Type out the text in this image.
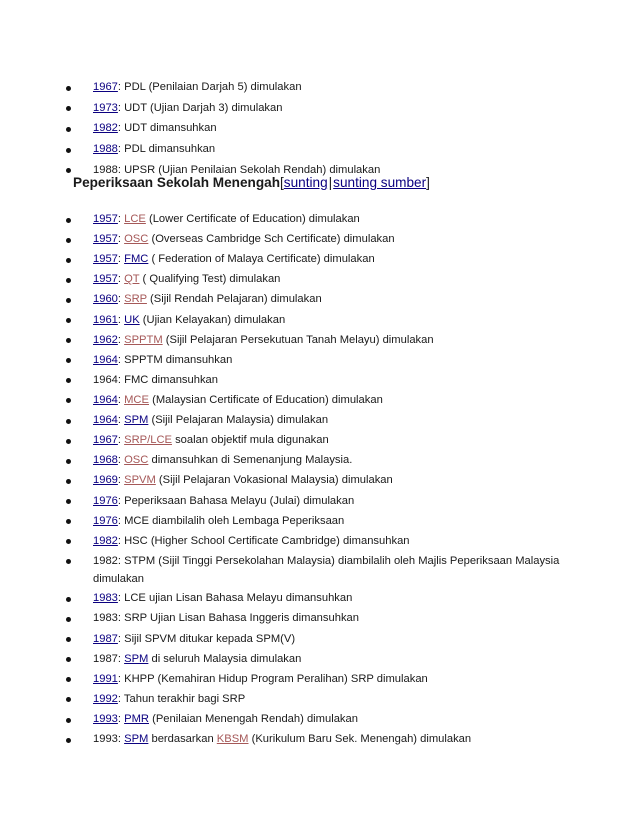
1967: PDL (Penilaian Darjah 5) dimulakan
1973: UDT (Ujian Darjah 3) dimulakan
1982: UDT dimansuhkan
1988: PDL dimansuhkan
1988: UPSR (Ujian Penilaian Sekolah Rendah) dimulakan
Peperiksaan Sekolah Menengah[sunting|sunting sumber]
1957: LCE (Lower Certificate of Education) dimulakan
1957: OSC (Overseas Cambridge Sch Certificate) dimulakan
1957: FMC ( Federation of Malaya Certificate) dimulakan
1957: QT ( Qualifying Test) dimulakan
1960: SRP (Sijil Rendah Pelajaran) dimulakan
1961: UK (Ujian Kelayakan) dimulakan
1962: SPPTM (Sijil Pelajaran Persekutuan Tanah Melayu) dimulakan
1964: SPPTM dimansuhkan
1964: FMC dimansuhkan
1964: MCE (Malaysian Certificate of Education) dimulakan
1964: SPM (Sijil Pelajaran Malaysia) dimulakan
1967: SRP/LCE soalan objektif mula digunakan
1968: OSC dimansuhkan di Semenanjung Malaysia.
1969: SPVM (Sijil Pelajaran Vokasional Malaysia) dimulakan
1976: Peperiksaan Bahasa Melayu (Julai) dimulakan
1976: MCE diambilalih oleh Lembaga Peperiksaan
1982: HSC (Higher School Certificate Cambridge) dimansuhkan
1982: STPM (Sijil Tinggi Persekolahan Malaysia) diambilalih oleh Majlis Peperiksaan Malaysia dimulakan
1983: LCE ujian Lisan Bahasa Melayu dimansuhkan
1983: SRP Ujian Lisan Bahasa Inggeris dimansuhkan
1987: Sijil SPVM ditukar kepada SPM(V)
1987: SPM di seluruh Malaysia dimulakan
1991: KHPP (Kemahiran Hidup Program Peralihan) SRP dimulakan
1992: Tahun terakhir bagi SRP
1993: PMR (Penilaian Menengah Rendah) dimulakan
1993: SPM berdasarkan KBSM (Kurikulum Baru Sek. Menengah) dimulakan
